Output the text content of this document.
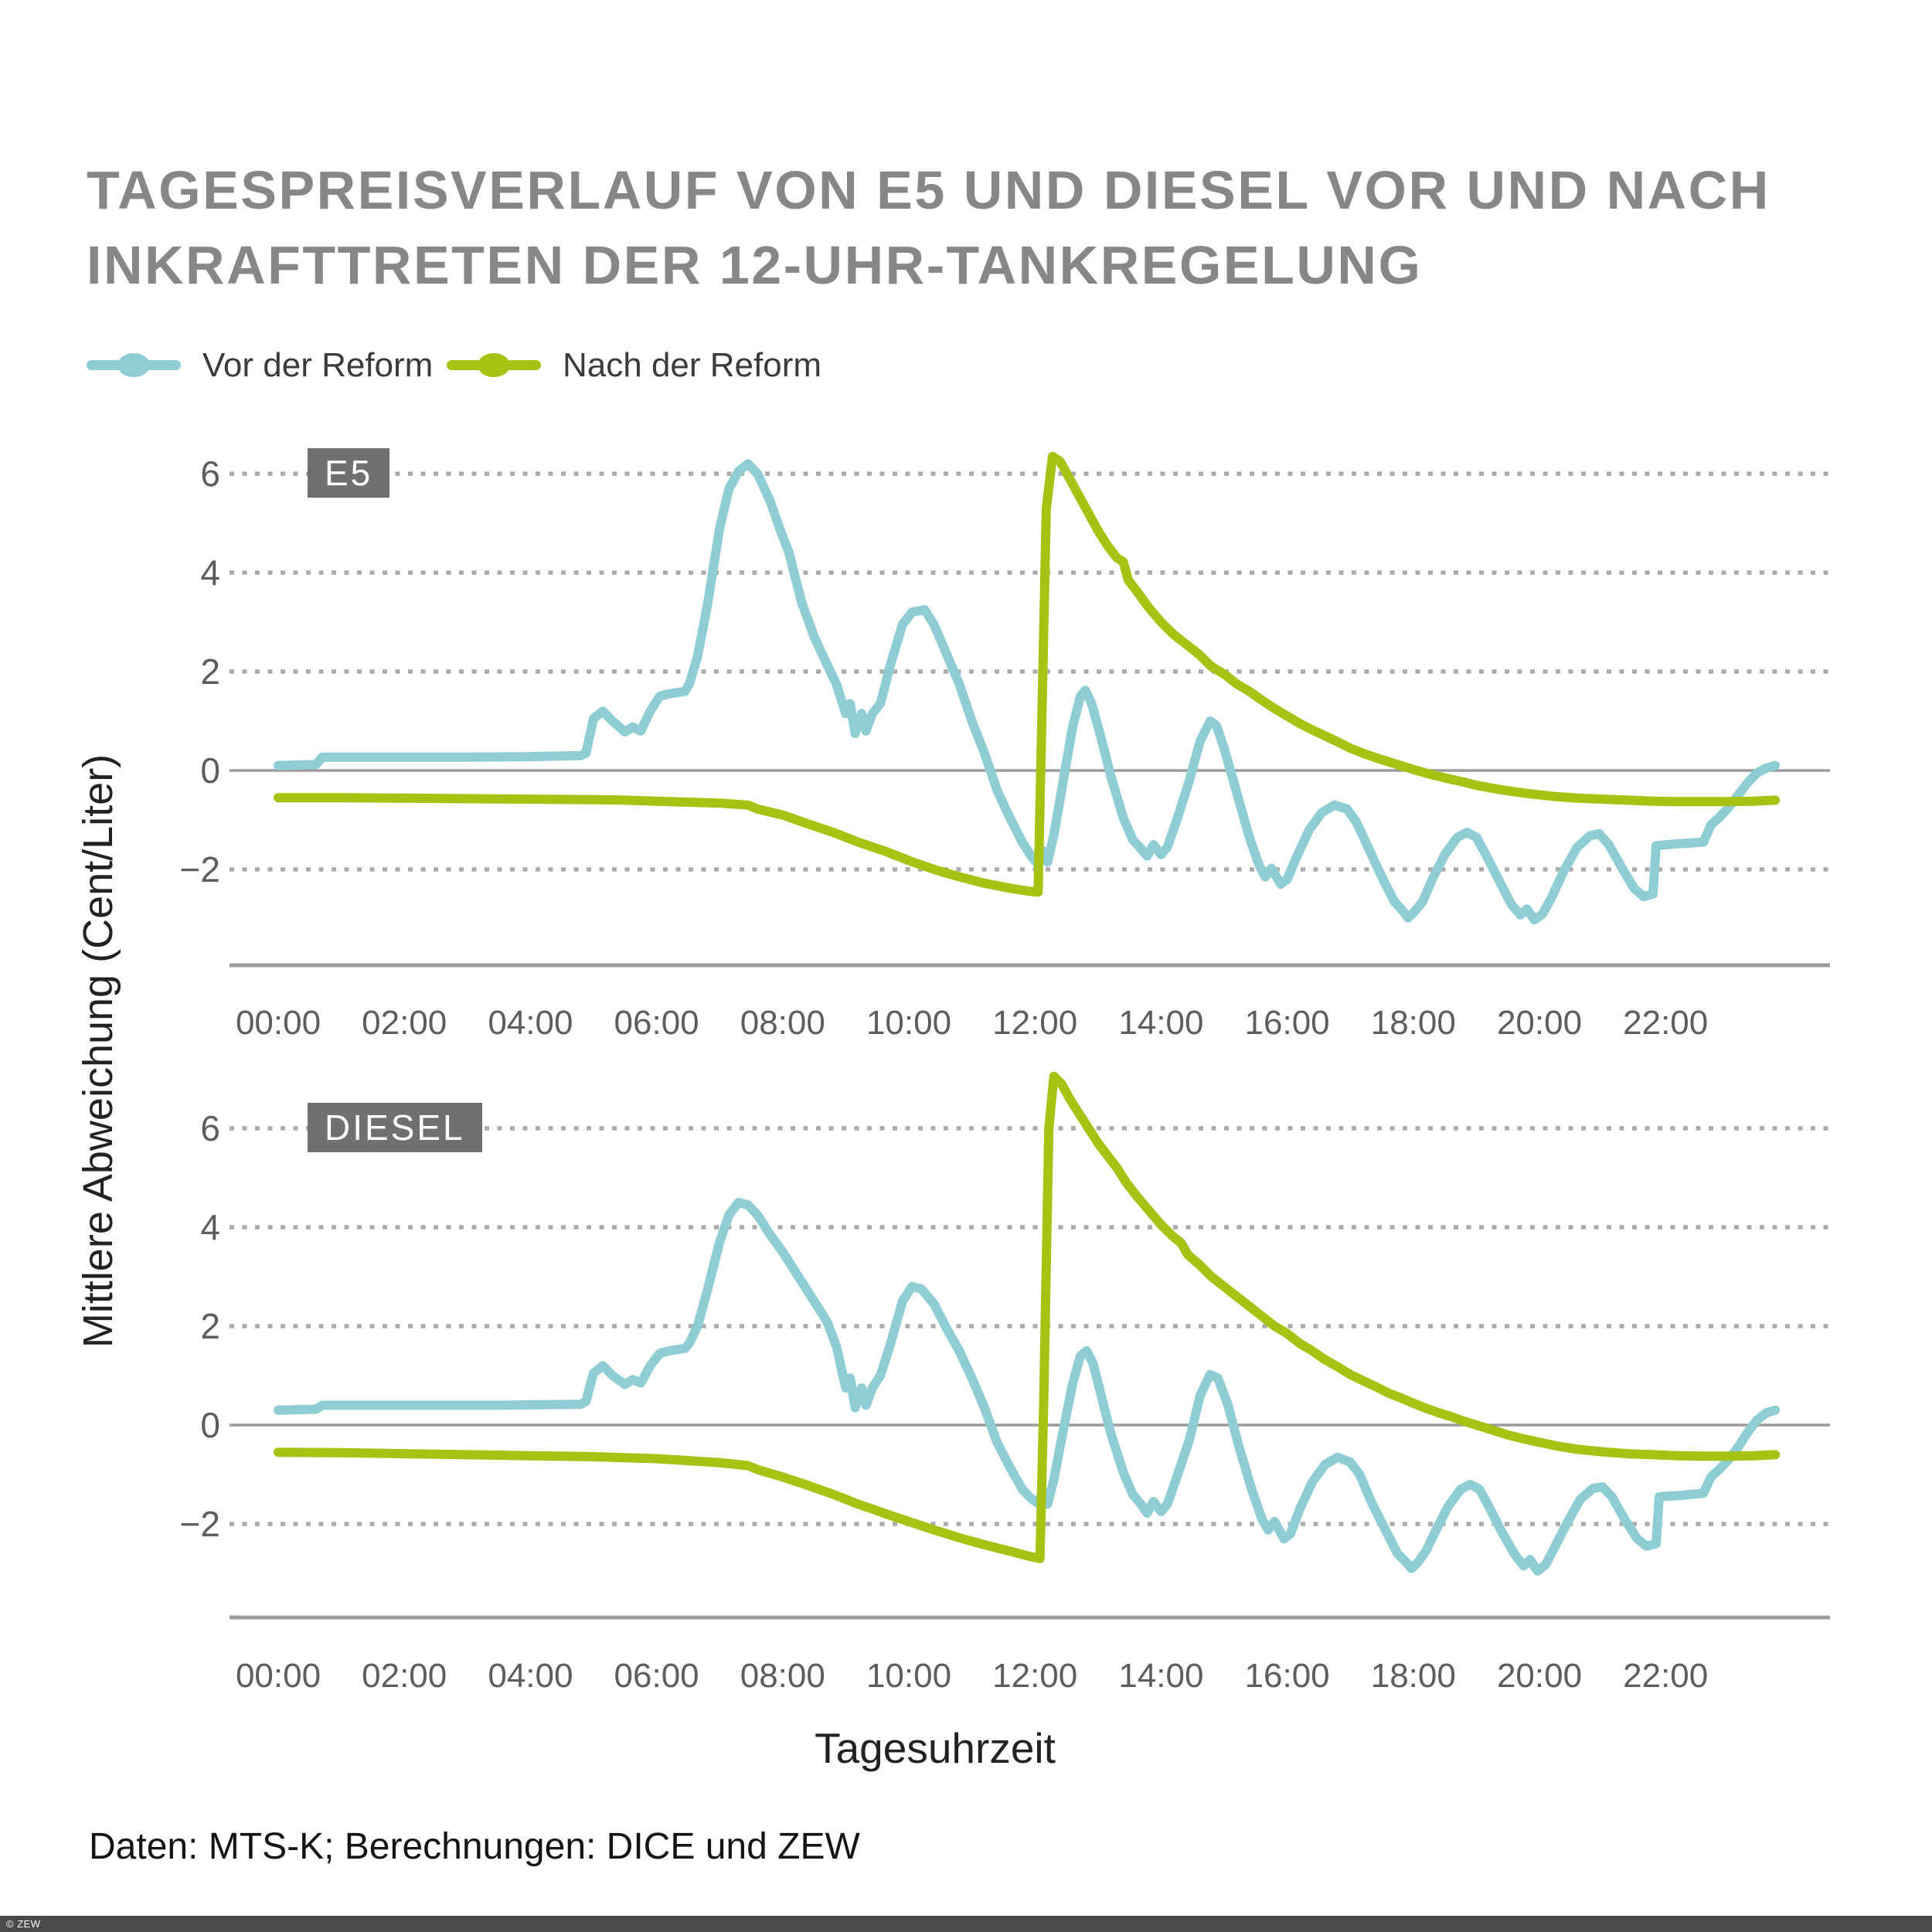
TAGESPREISVERLAUF VON E5 UND DIESEL VOR UND NACH
INKRAFTTRETEN DER 12-UHR-TANKREGELUNG
Vor der Reform	Nach der Reform
6
4
2
0
−2
00:00 02:00 04:00 06:00 08:00 10:00 12:00 14:00 16:00 18:00 20:00 22:00
6
4
2
0
−2
00:00 02:00 04:00 06:00 08:00 10:00 12:00 14:00 16:00 18:00 20:00 22:00
E5
DIESEL
Mittlere Abweichung (Cent/Liter)
Tagesuhrzeit
Daten: MTS-K; Berechnungen: DICE und ZEW
© ZEW
